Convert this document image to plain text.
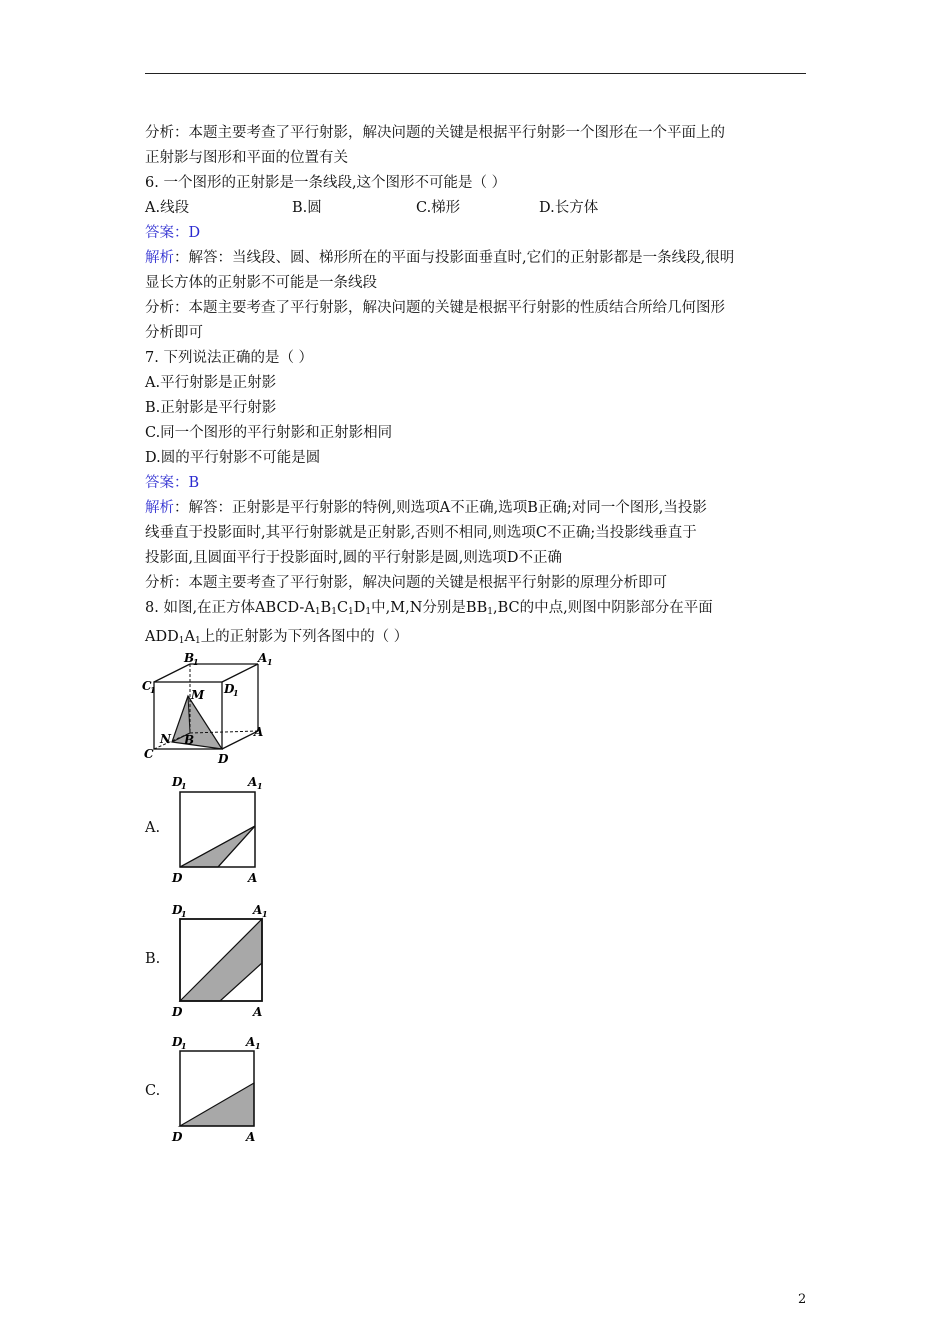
分析：本题主要考查了平行射影，解决问题的关键是根据平行射影一个图形在一个平面上的
正射影与图形和平面的位置有关
6. 一个图形的正射影是一条线段,这个图形不可能是（ ）
A.线段	B.圆	C.梯形	D.长方体
答案：D
解析：解答：当线段、圆、梯形所在的平面与投影面垂直时,它们的正射影都是一条线段,很明
显长方体的正射影不可能是一条线段
分析：本题主要考查了平行射影，解决问题的关键是根据平行射影的性质结合所给几何图形
分析即可
7. 下列说法正确的是（ ）
A.平行射影是正射影
B.正射影是平行射影
C.同一个图形的平行射影和正射影相同
D.圆的平行射影不可能是圆
答案：B
解析：解答：正射影是平行射影的特例,则选项A不正确,选项B正确;对同一个图形,当投影
线垂直于投影面时,其平行射影就是正射影,否则不相同,则选项C不正确;当投影线垂直于
投影面,且圆面平行于投影面时,圆的平行射影是圆,则选项D不正确
分析：本题主要考查了平行射影，解决问题的关键是根据平行射影的原理分析即可
8. 如图,在正方体ABCD-$A_1B_1C_1D_1$中,M,N分别是$BB_1,BC$的中点,则图中阴影部分在平面
$ADD_1A_1$上的正射影为下列各图中的（ ）
B
1	A 1
C
1	D
1
M
N B
C
A
D
A.
D
1	A 1
D	A
B.
D
1	A 1
D	A
C.
D
1	A 1
D	A
2
